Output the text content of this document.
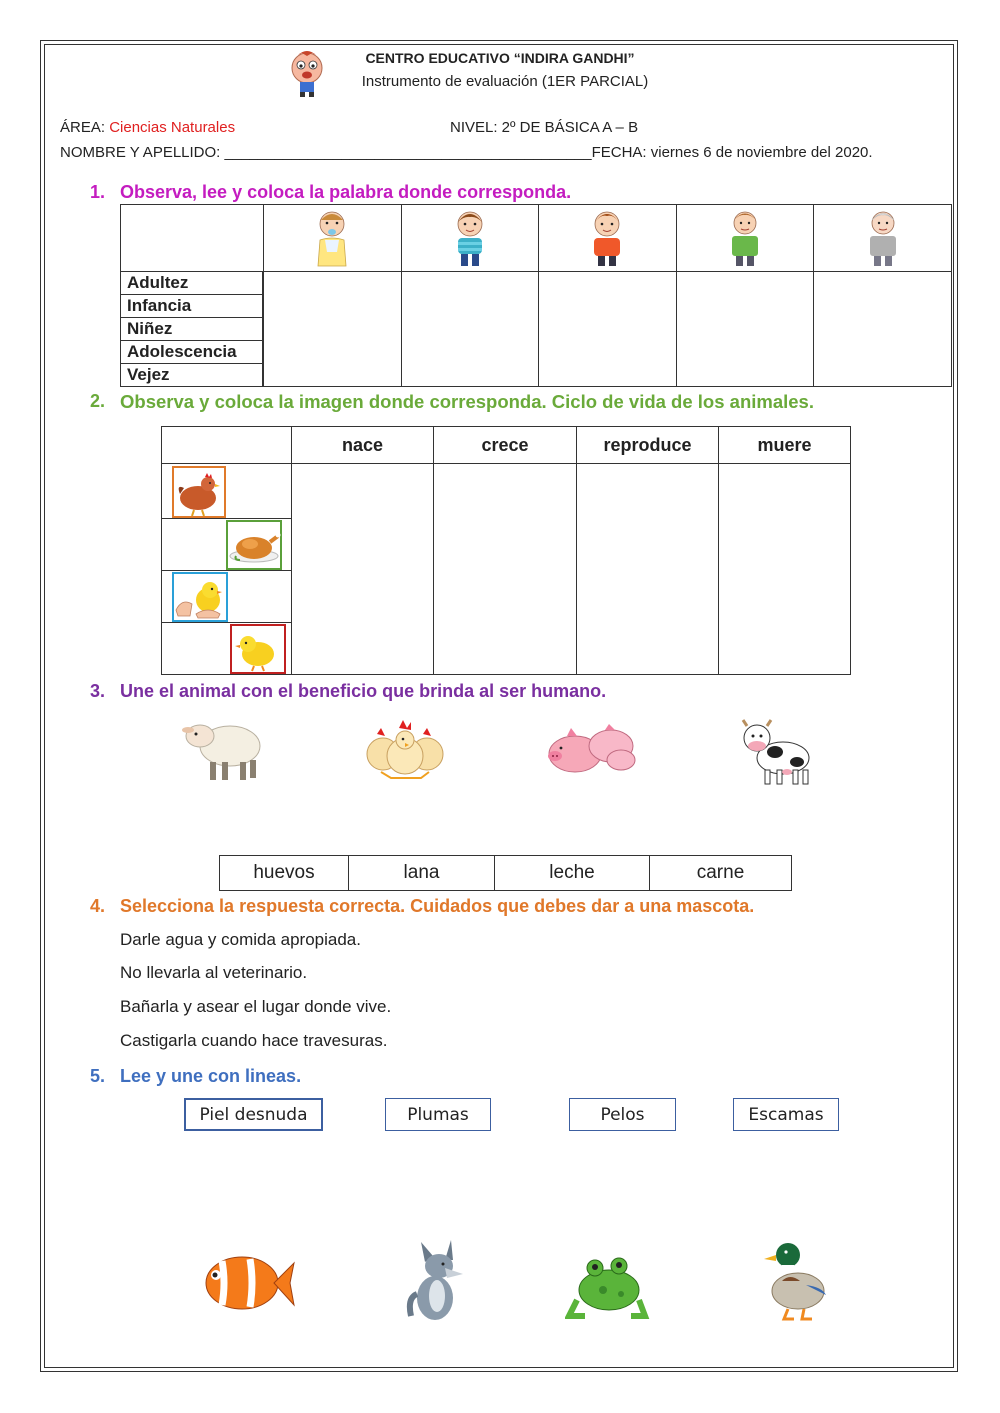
CENTRO EDUCATIVO “INDIRA GANDHI”
Instrumento de evaluación (1ER PARCIAL)
ÁREA: Ciencias Naturales	NIVEL: 2º DE BÁSICA A – B
NOMBRE Y APELLIDO: ____________________________________________FECHA: viernes 6 de noviembre del 2020.
1. Observa, lee y coloca la palabra donde corresponda.

Adultez
Infancia
Niñez
Adolescencia
Vejez

2. Observa y coloca la imagen donde corresponda. Ciclo de vida de los animales.
	nace	crece	reproduce	muere

3. Une el animal con el beneficio que brinda al ser humano.
huevos	lana	leche	carne
4. Selecciona la respuesta correcta. Cuidados que debes dar a una mascota.
Darle agua y comida apropiada.
No llevarla al veterinario.
Bañarla y asear el lugar donde vive.
Castigarla cuando hace travesuras.
5. Lee y une con lineas.
Piel desnuda	Plumas	Pelos	Escamas
